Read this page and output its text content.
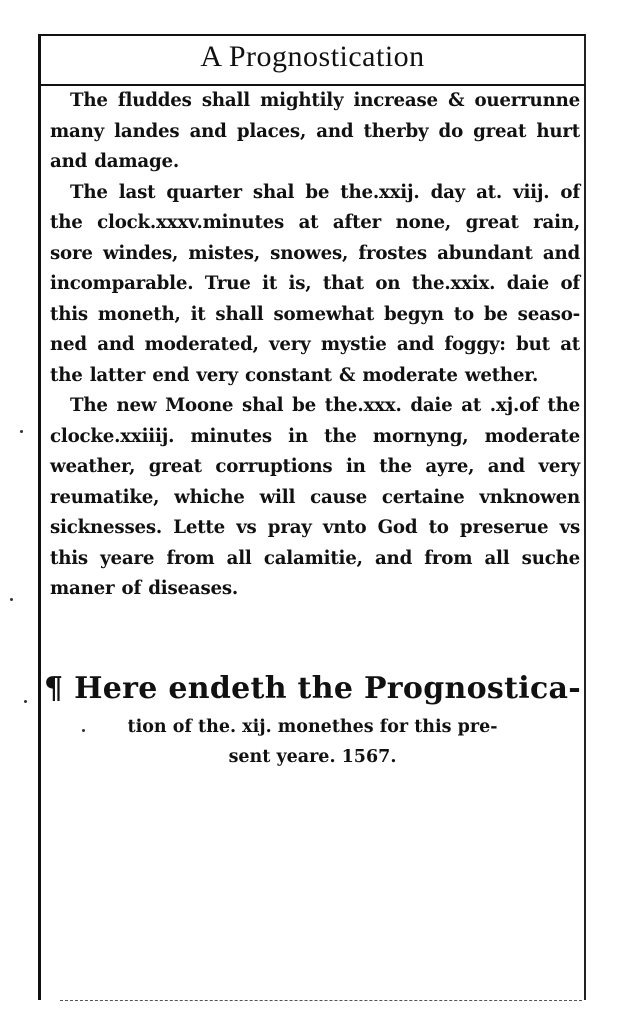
A Prognostication
The fluddes shall mightily increase & ouerrunne
many landes and places, and therby do great hurt
and damage.
The last quarter shal be the.xxij. day at. viij. of
the clock.xxxv.minutes at after none, great rain,
sore windes, mistes, snowes, frostes abundant and
incomparable. True it is, that on the.xxix. daie of
this moneth, it shall somewhat begyn to be seaso-
ned and moderated, very mystie and foggy: but at
the latter end very constant & moderate wether.
The new Moone shal be the.xxx. daie at .xj.of the
clocke.xxiiij. minutes in the mornyng, moderate
weather, great corruptions in the ayre, and very
reumatike, whiche will cause certaine vnknowen
sicknesses. Lette vs pray vnto God to preserue vs
this yeare from all calamitie, and from all suche
maner of diseases.
¶ Here endeth the Prognostica-
tion of the. xij. monethes for this pre-
sent yeare. 1567.
